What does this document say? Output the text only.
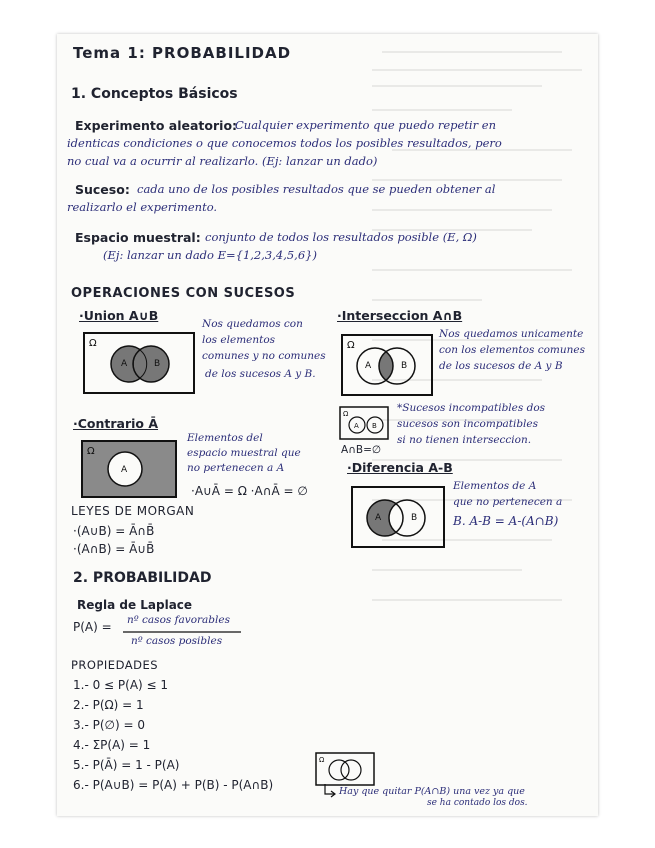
Tema 1: PROBABILIDAD
1. Conceptos Básicos
Experimento aleatorio:
Cualquier experimento que puedo repetir en
identicas condiciones o que conocemos todos los posibles resultados, pero
no cual va a ocurrir al realizarlo. (Ej: lanzar un dado)
Suceso: cada uno de los posibles resultados que se pueden obtener al
realizarlo el experimento.
Espacio muestral: conjunto de todos los resultados posible (E, Ω)
(Ej: lanzar un dado E={1,2,3,4,5,6})
OPERACIONES CON SUCESOS
·Union A∪B
Ω
A	B
Nos quedamos con
los elementos
comunes y no comunes
de los sucesos A y B.
·Interseccion A∩B
Ω
A	B
Nos quedamos unicamente
con los elementos comunes
de los sucesos de A y B
Ω
A B
*Sucesos incompatibles dos
sucesos son incompatibles
si no tienen interseccion.
A∩B=∅
·Contrario Ā
Ω
A
Elementos del
espacio muestral que
no pertenecen a A
·A∪Ā = Ω ·A∩Ā = ∅
·Diferencia A-B
A	B
Elementos de A
que no pertenecen a
B. A-B = A-(A∩B)
LEYES DE MORGAN
·(A∪B) = Ā∩B̄
·(A∩B) = Ā∪B̄
2. PROBABILIDAD
Regla de Laplace
P(A) = nº casos favorables
nº casos posibles
PROPIEDADES
1.- 0 ≤ P(A) ≤ 1
2.- P(Ω) = 1
3.- P(∅) = 0
4.- ΣP(A) = 1
5.- P(Ā) = 1 - P(A)
6.- P(A∪B) = P(A) + P(B) - P(A∩B)
Ω
Hay que quitar P(A∩B) una vez ya que
se ha contado los dos.
